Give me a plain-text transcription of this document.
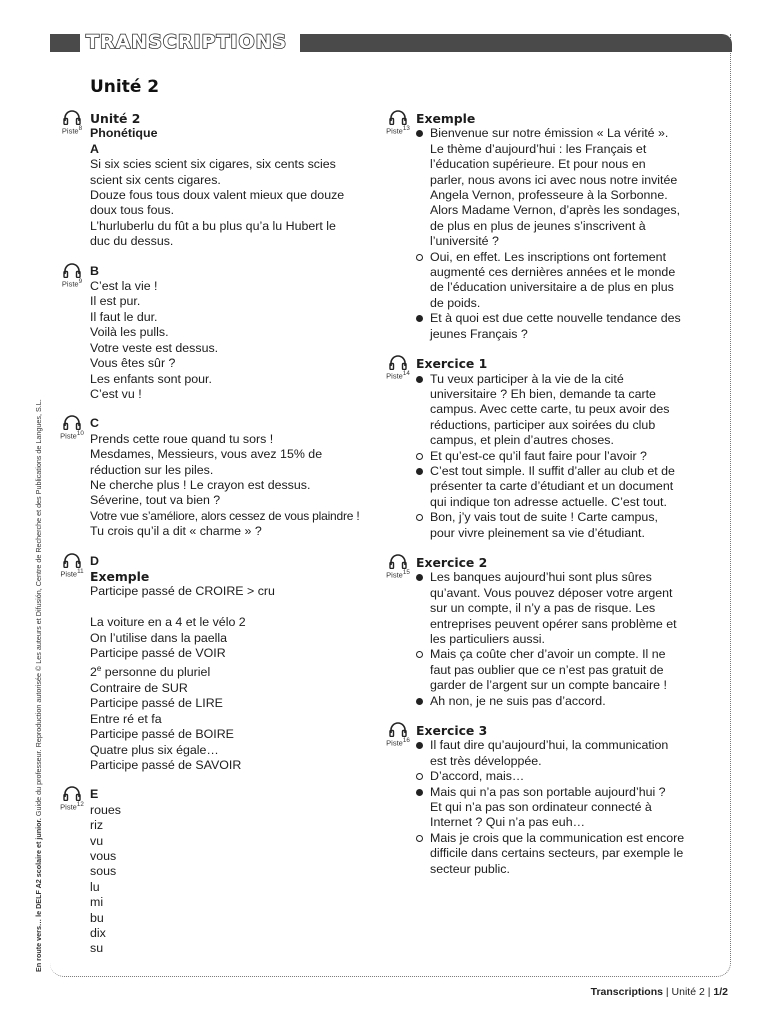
TRANSCRIPTIONS
Unité 2
Piste$^8$
Unité 2
Phonétique
A
Si six scies scient six cigares, six cents scies
scient six cents cigares.
Douze fous tous doux valent mieux que douze
doux tous fous.
L’hurluberlu du fût a bu plus qu’a lu Hubert le
duc du dessus.
Piste$^9$
B
C’est la vie !
Il est pur.
Il faut le dur.
Voilà les pulls.
Votre veste est dessus.
Vous êtes sûr ?
Les enfants sont pour.
C’est vu !
Piste$^{10}$
C
Prends cette roue quand tu sors !
Mesdames, Messieurs, vous avez 15% de
réduction sur les piles.
Ne cherche plus ! Le crayon est dessus.
Séverine, tout va bien ?
Votre vue s’améliore, alors cessez de vous plaindre !
Tu crois qu’il a dit « charme » ?
Piste$^{11}$
D
Exemple
Participe passé de CROIRE > cru
La voiture en a 4 et le vélo 2
On l’utilise dans la paella
Participe passé de VOIR
2e personne du pluriel
Contraire de SUR
Participe passé de LIRE
Entre ré et fa
Participe passé de BOIRE
Quatre plus six égale…
Participe passé de SAVOIR
Piste$^{12}$
E
roues
riz
vu
vous
sous
lu
mi
bu
dix
su
Piste$^{13}$
Exemple
Bienvenue sur notre émission « La vérité ».
Le thème d’aujourd’hui : les Français et
l’éducation supérieure. Et pour nous en
parler, nous avons ici avec nous notre invitée
Angela Vernon, professeure à la Sorbonne.
Alors Madame Vernon, d’après les sondages,
de plus en plus de jeunes s’inscrivent à
l’université ?
Oui, en effet. Les inscriptions ont fortement
augmenté ces dernières années et le monde
de l’éducation universitaire a de plus en plus
de poids.
Et à quoi est due cette nouvelle tendance des
jeunes Français ?
Piste$^{14}$
Exercice 1
Tu veux participer à la vie de la cité
universitaire ? Eh bien, demande ta carte
campus. Avec cette carte, tu peux avoir des
réductions, participer aux soirées du club
campus, et plein d’autres choses.
Et qu’est-ce qu’il faut faire pour l’avoir ?
C’est tout simple. Il suffit d’aller au club et de
présenter ta carte d’étudiant et un document
qui indique ton adresse actuelle. C’est tout.
Bon, j’y vais tout de suite ! Carte campus,
pour vivre pleinement sa vie d’étudiant.
Piste$^{15}$
Exercice 2
Les banques aujourd’hui sont plus sûres
qu’avant. Vous pouvez déposer votre argent
sur un compte, il n’y a pas de risque. Les
entreprises peuvent opérer sans problème et
les particuliers aussi.
Mais ça coûte cher d’avoir un compte. Il ne
faut pas oublier que ce n’est pas gratuit de
garder de l’argent sur un compte bancaire !
Ah non, je ne suis pas d’accord.
Piste$^{16}$
Exercice 3
Il faut dire qu’aujourd’hui, la communication
est très développée.
D’accord, mais…
Mais qui n’a pas son portable aujourd’hui ?
Et qui n’a pas son ordinateur connecté à
Internet ? Qui n’a pas euh…
Mais je crois que la communication est encore
difficile dans certains secteurs, par exemple le
secteur public.
En route vers… le DELF A2 scolaire et junior. Guide du professeur. Reproduction autorisée © Les auteurs et Difusión, Centre de Recherche et des Publications de Langues, S.L.
Transcriptions | Unité 2 | 1/2
